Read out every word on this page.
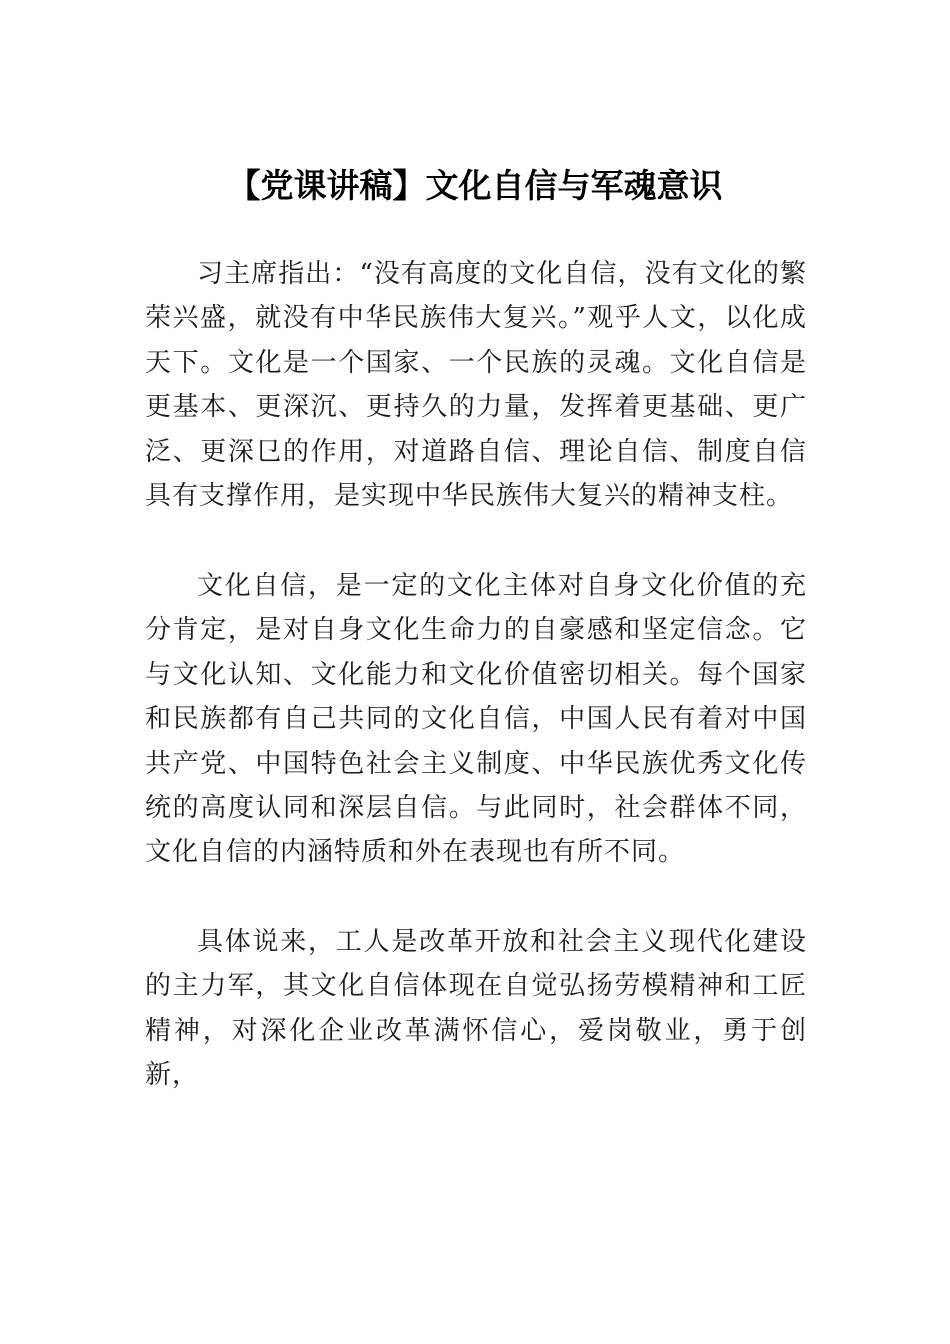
【党课讲稿】文化自信与军魂意识

习主席指出：“没有高度的文化自信，没有文化的繁荣兴盛，就没有中华民族伟大复兴。”观乎人文，以化成天下。文化是一个国家、一个民族的灵魂。文化自信是更基本、更深沉、更持久的力量，发挥着更基础、更广泛、更深㔾的作用，对道路自信、理论自信、制度自信具有支撑作用，是实现中华民族伟大复兴的精神支柱。

文化自信，是一定的文化主体对自身文化价值的充分肯定，是对自身文化生命力的自豪感和坚定信念。它与文化认知、文化能力和文化价值密切相关。每个国家和民族都有自己共同的文化自信，中国人民有着对中国共产党、中国特色社会主义制度、中华民族优秀文化传统的高度认同和深层自信。与此同时，社会群体不同，文化自信的内涵特质和外在表现也有所不同。

具体说来，工人是改革开放和社会主义现代化建设的主力军，其文化自信体现在自觉弘扬劳模精神和工匠精神，对深化企业改革满怀信心，爱岗敬业，勇于创新，
